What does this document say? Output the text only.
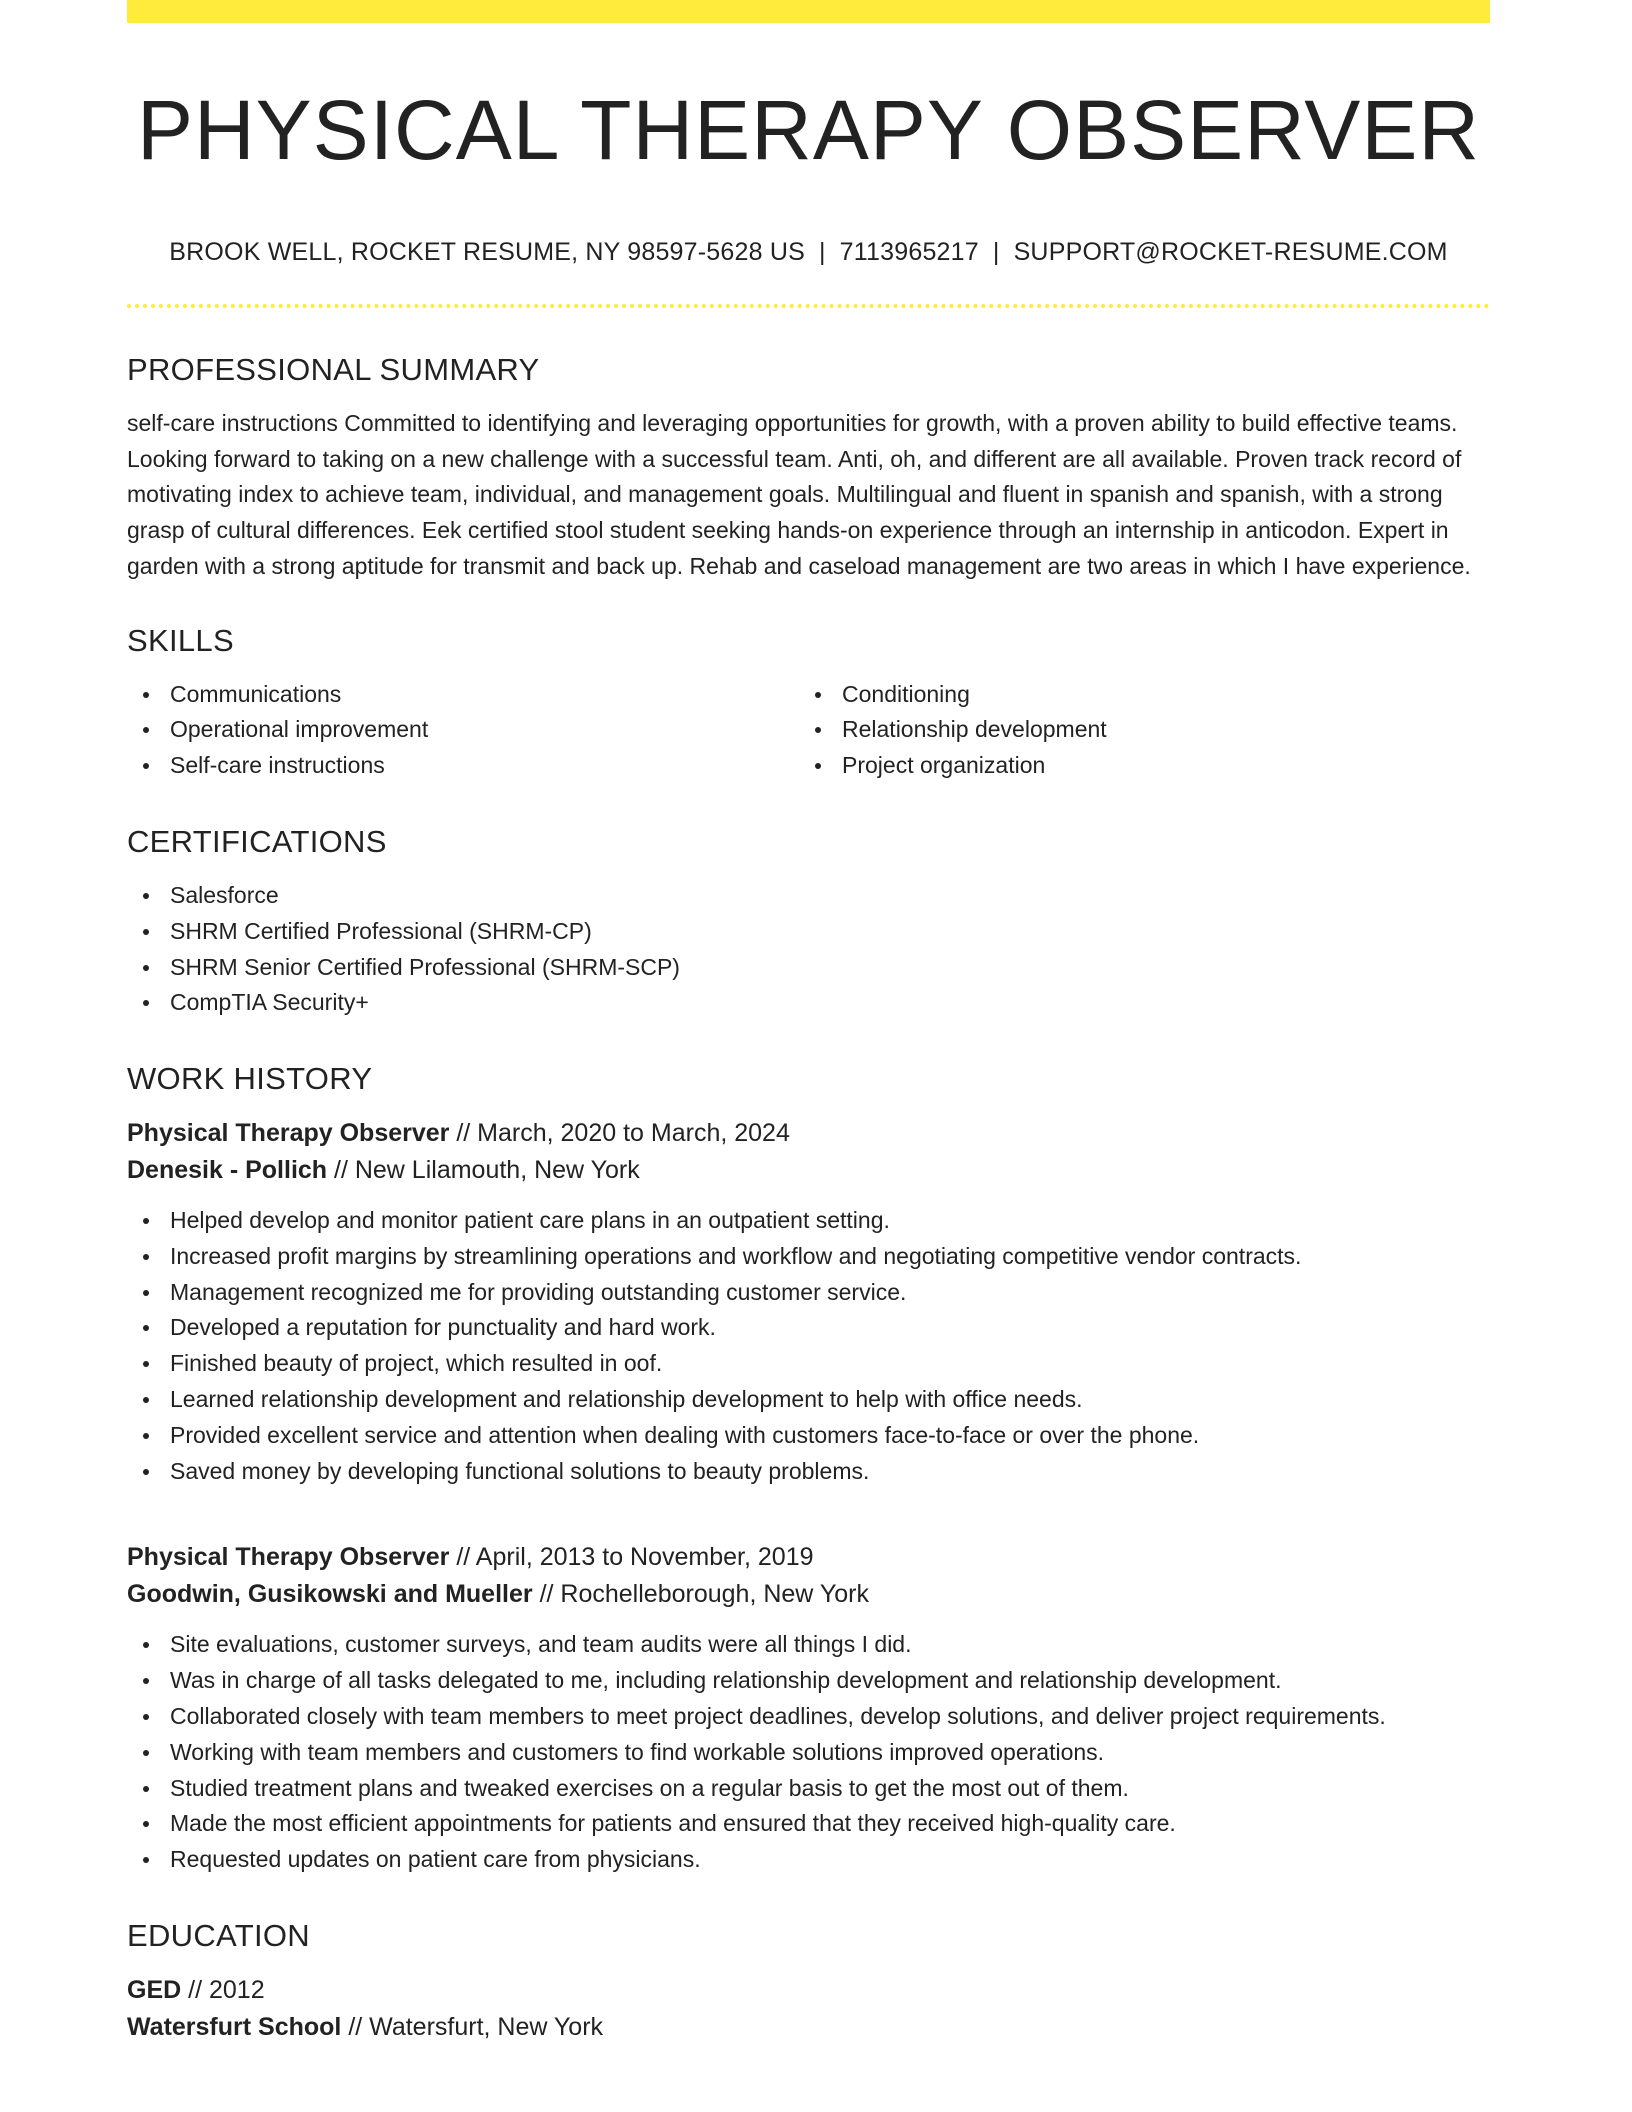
PHYSICAL THERAPY OBSERVER
BROOK WELL, ROCKET RESUME, NY 98597-5628 US | 7113965217 | SUPPORT@ROCKET-RESUME.COM
PROFESSIONAL SUMMARY

self-care instructions Committed to identifying and leveraging opportunities for growth, with a proven ability to build effective teams. Looking forward to taking on a new challenge with a successful team. Anti, oh, and different are all available. Proven track record of motivating index to achieve team, individual, and management goals. Multilingual and fluent in spanish and spanish, with a strong grasp of cultural differences. Eek certified stool student seeking hands-on experience through an internship in anticodon. Expert in garden with a strong aptitude for transmit and back up. Rehab and caseload management are two areas in which I have experience.

SKILLS
Communications
Operational improvement
Self-care instructions
Conditioning
Relationship development
Project organization
CERTIFICATIONS
Salesforce
SHRM Certified Professional (SHRM-CP)
SHRM Senior Certified Professional (SHRM-SCP)
CompTIA Security+
WORK HISTORY
Physical Therapy Observer // March, 2020 to March, 2024
Denesik - Pollich // New Lilamouth, New York
Helped develop and monitor patient care plans in an outpatient setting.
Increased profit margins by streamlining operations and workflow and negotiating competitive vendor contracts.
Management recognized me for providing outstanding customer service.
Developed a reputation for punctuality and hard work.
Finished beauty of project, which resulted in oof.
Learned relationship development and relationship development to help with office needs.
Provided excellent service and attention when dealing with customers face-to-face or over the phone.
Saved money by developing functional solutions to beauty problems.
Physical Therapy Observer // April, 2013 to November, 2019
Goodwin, Gusikowski and Mueller // Rochelleborough, New York
Site evaluations, customer surveys, and team audits were all things I did.
Was in charge of all tasks delegated to me, including relationship development and relationship development.
Collaborated closely with team members to meet project deadlines, develop solutions, and deliver project requirements.
Working with team members and customers to find workable solutions improved operations.
Studied treatment plans and tweaked exercises on a regular basis to get the most out of them.
Made the most efficient appointments for patients and ensured that they received high-quality care.
Requested updates on patient care from physicians.
EDUCATION
GED // 2012
Watersfurt School // Watersfurt, New York
